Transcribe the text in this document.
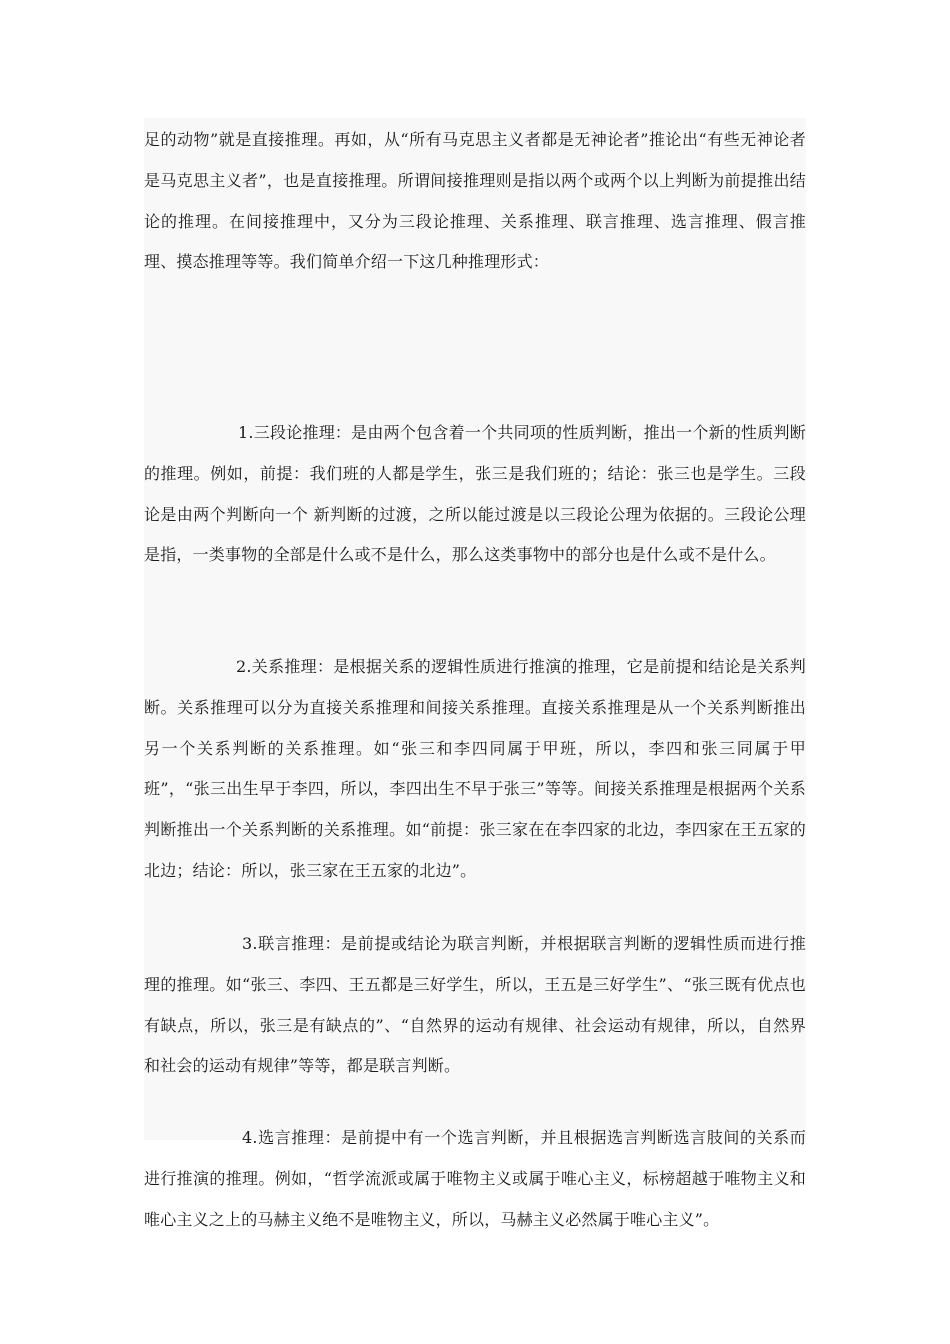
足的动物”就是直接推理。再如，从“所有马克思主义者都是无神论者”推论出“有些无神论者是马克思主义者”，也是直接推理。所谓间接推理则是指以两个或两个以上判断为前提推出结论的推理。在间接推理中，又分为三段论推理、关系推理、联言推理、选言推理、假言推理、摸态推理等等。我们简单介绍一下这几种推理形式：

1.三段论推理：是由两个包含着一个共同项的性质判断，推出一个新的性质判断的推理。例如，前提：我们班的人都是学生，张三是我们班的；结论：张三也是学生。三段论是由两个判断向一个 新判断的过渡，之所以能过渡是以三段论公理为依据的。三段论公理是指，一类事物的全部是什么或不是什么，那么这类事物中的部分也是什么或不是什么。

2.关系推理：是根据关系的逻辑性质进行推演的推理，它是前提和结论是关系判断。关系推理可以分为直接关系推理和间接关系推理。直接关系推理是从一个关系判断推出另一个关系判断的关系推理。如“张三和李四同属于甲班，所以，李四和张三同属于甲班”，“张三出生早于李四，所以，李四出生不早于张三”等等。间接关系推理是根据两个关系判断推出一个关系判断的关系推理。如“前提：张三家在在李四家的北边，李四家在王五家的北边；结论：所以，张三家在王五家的北边”。

3.联言推理：是前提或结论为联言判断，并根据联言判断的逻辑性质而进行推理的推理。如“张三、李四、王五都是三好学生，所以，王五是三好学生”、“张三既有优点也有缺点，所以，张三是有缺点的”、“自然界的运动有规律、社会运动有规律，所以，自然界和社会的运动有规律”等等，都是联言判断。

4.选言推理：是前提中有一个选言判断，并且根据选言判断选言肢间的关系而进行推演的推理。例如，“哲学流派或属于唯物主义或属于唯心主义，标榜超越于唯物主义和唯心主义之上的马赫主义绝不是唯物主义，所以，马赫主义必然属于唯心主义”。
